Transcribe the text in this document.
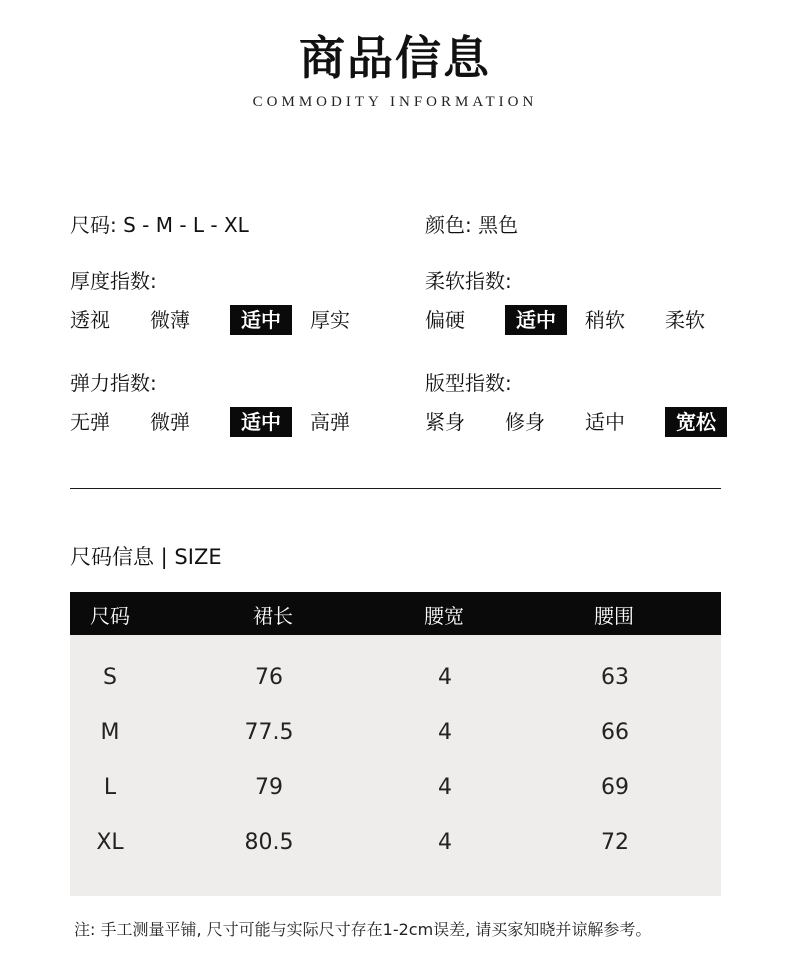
商品信息
COMMODITY INFORMATION
尺码: S - M - L - XL	颜色: 黑色
厚度指数:
透视	微薄	适中	厚实
柔软指数:
偏硬	适中	稍软	柔软
弹力指数:
无弹	微弹	适中	高弹
版型指数:
紧身	修身	适中	宽松
尺码信息 | SIZE
尺码	裙长	腰宽	腰围
S	76	4	63
M	77.5	4	66
L	79	4	69
XL	80.5	4	72
注: 手工测量平铺, 尺寸可能与实际尺寸存在1-2cm误差, 请买家知晓并谅解参考。
